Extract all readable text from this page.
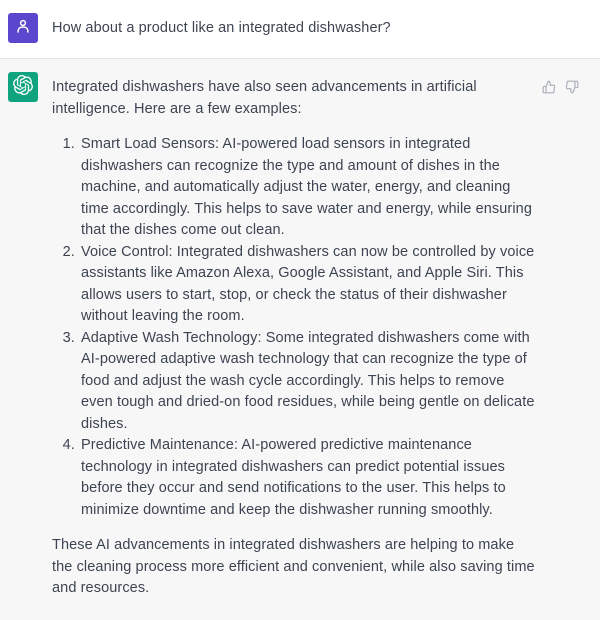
How about a product like an integrated dishwasher?

Integrated dishwashers have also seen advancements in artificial intelligence. Here are a few examples:

1. Smart Load Sensors: AI-powered load sensors in integrated dishwashers can recognize the type and amount of dishes in the machine, and automatically adjust the water, energy, and cleaning time accordingly. This helps to save water and energy, while ensuring that the dishes come out clean.
2. Voice Control: Integrated dishwashers can now be controlled by voice assistants like Amazon Alexa, Google Assistant, and Apple Siri. This allows users to start, stop, or check the status of their dishwasher without leaving the room.
3. Adaptive Wash Technology: Some integrated dishwashers come with AI-powered adaptive wash technology that can recognize the type of food and adjust the wash cycle accordingly. This helps to remove even tough and dried-on food residues, while being gentle on delicate dishes.
4. Predictive Maintenance: AI-powered predictive maintenance technology in integrated dishwashers can predict potential issues before they occur and send notifications to the user. This helps to minimize downtime and keep the dishwasher running smoothly.

These AI advancements in integrated dishwashers are helping to make the cleaning process more efficient and convenient, while also saving time and resources.
